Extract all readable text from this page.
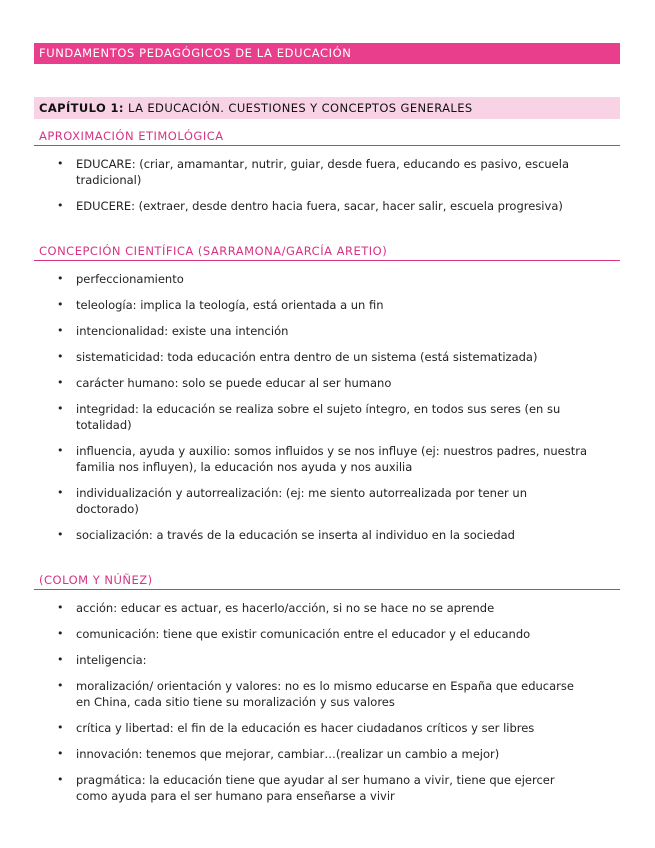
FUNDAMENTOS PEDAGÓGICOS DE LA EDUCACIÓN
CAPÍTULO 1: LA EDUCACIÓN. CUESTIONES Y CONCEPTOS GENERALES
APROXIMACIÓN ETIMOLÓGICA
• EDUCARE: (criar, amamantar, nutrir, guiar, desde fuera, educando es pasivo, escuela tradicional)
• EDUCERE: (extraer, desde dentro hacia fuera, sacar, hacer salir, escuela progresiva)
CONCEPCIÓN CIENTÍFICA (SARRAMONA/GARCÍA ARETIO)
• perfeccionamiento
• teleología: implica la teología, está orientada a un fin
• intencionalidad: existe una intención
• sistematicidad: toda educación entra dentro de un sistema (está sistematizada)
• carácter humano: solo se puede educar al ser humano
• integridad: la educación se realiza sobre el sujeto íntegro, en todos sus seres (en su totalidad)
• influencia, ayuda y auxilio: somos influidos y se nos influye (ej: nuestros padres, nuestra familia nos influyen), la educación nos ayuda y nos auxilia
• individualización y autorrealización: (ej: me siento autorrealizada por tener un doctorado)
• socialización: a través de la educación se inserta al individuo en la sociedad
(COLOM Y NÚÑEZ)
• acción: educar es actuar, es hacerlo/acción, si no se hace no se aprende
• comunicación: tiene que existir comunicación entre el educador y el educando
• inteligencia:
• moralización/ orientación y valores: no es lo mismo educarse en España que educarse en China, cada sitio tiene su moralización y sus valores
• crítica y libertad: el fin de la educación es hacer ciudadanos críticos y ser libres
• innovación: tenemos que mejorar, cambiar…(realizar un cambio a mejor)
• pragmática: la educación tiene que ayudar al ser humano a vivir, tiene que ejercer como ayuda para el ser humano para enseñarse a vivir
